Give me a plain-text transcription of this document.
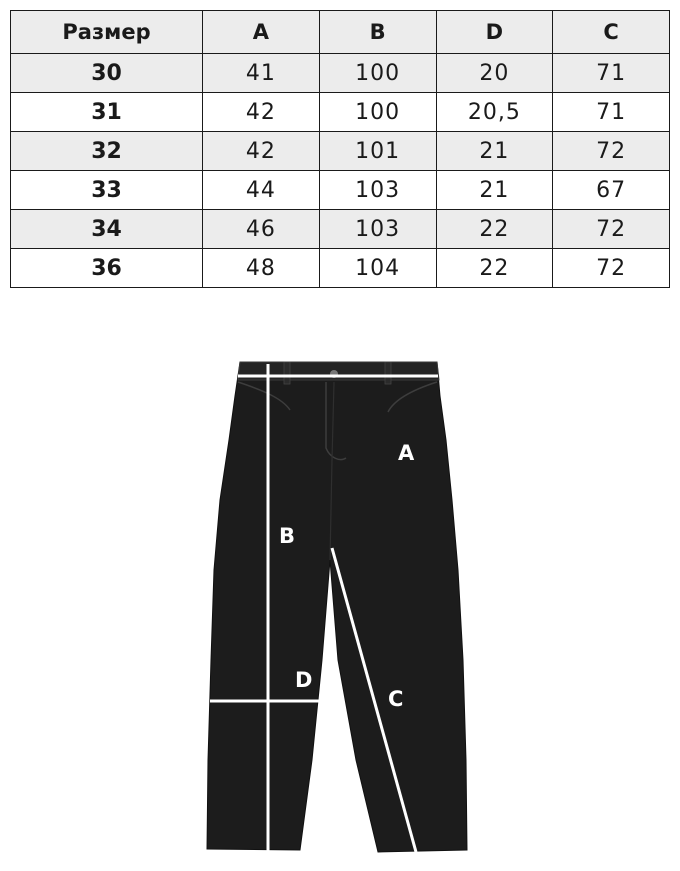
Размер	A	B	D	C
30	41	100	20	71
31	42	100	20,5	71
32	42	101	21	72
33	44	103	21	67
34	46	103	22	72
36	48	104	22	72
A
B
D
C
